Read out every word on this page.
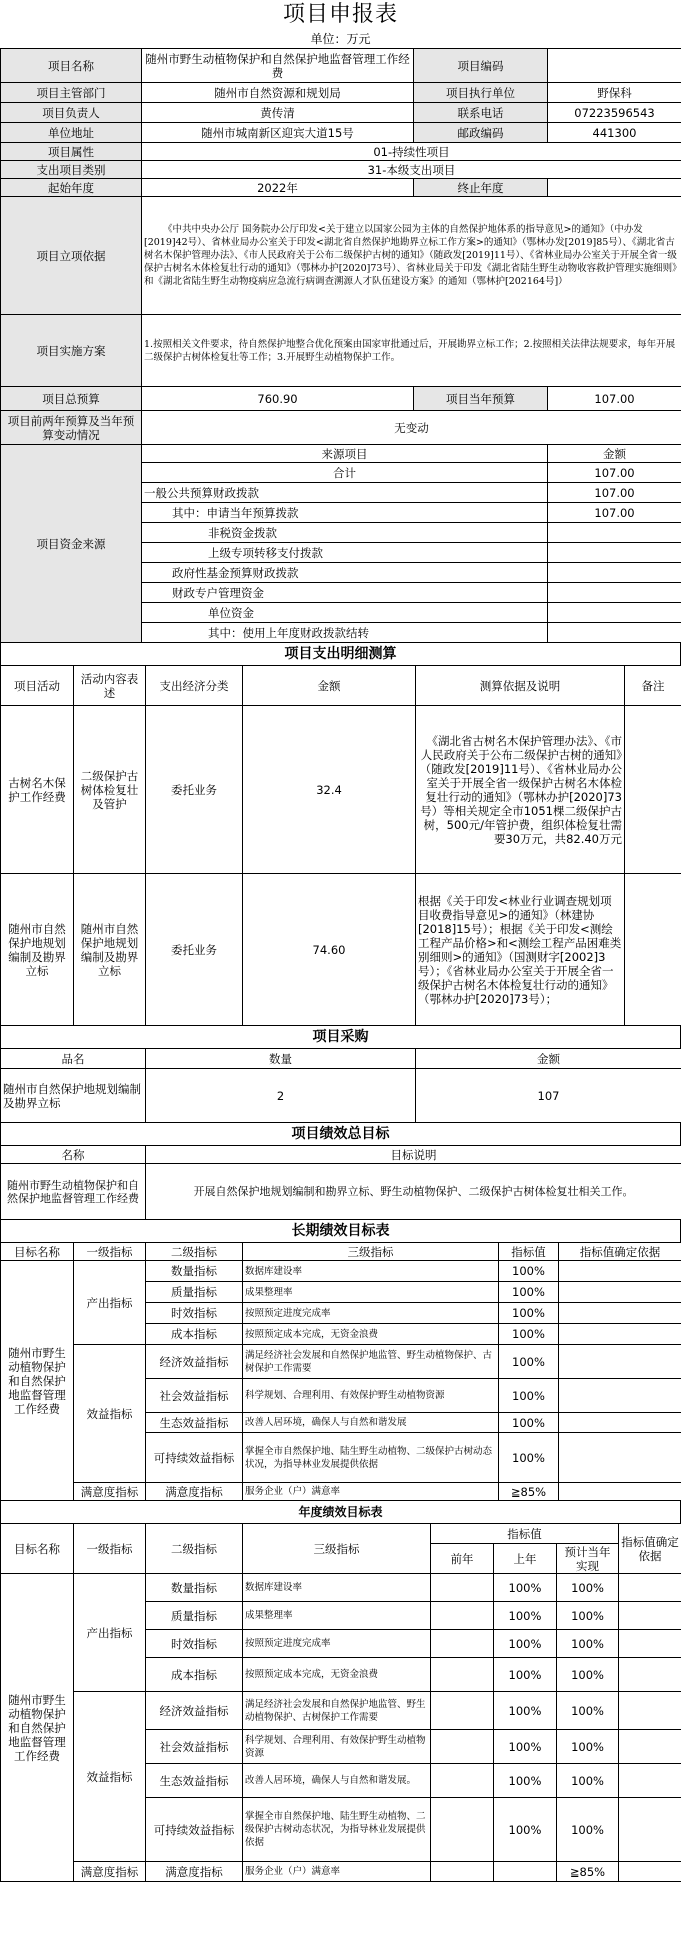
项目申报表
单位：万元
项目名称	随州市野生动植物保护和自然保护地监督管理工作经费	项目编码	
项目主管部门	随州市自然资源和规划局	项目执行单位	野保科
项目负责人	黄传清	联系电话	07223596543
单位地址	随州市城南新区迎宾大道15号	邮政编码	441300
项目属性	01-持续性项目		
支出项目类别	31-本级支出项目		
起始年度	2022年	终止年度	
项目立项依据	《中共中央办公厅 国务院办公厅印发<关于建立以国家公园为主体的自然保护地体系的指导意见>的通知》（中办发[2019]42号）、省林业局办公室关于印发<湖北省自然保护地勘界立标工作方案>的通知》（鄂林办发[2019]85号）、《湖北省古树名木保护管理办法》、《市人民政府关于公布二级保护古树的通知》（随政发[2019]11号）、《省林业局办公室关于开展全省一级保护古树名木体检复壮行动的通知》（鄂林办护[2020]73号）、省林业局关于印发《湖北省陆生野生动物收容救护管理实施细则》和《湖北省陆生野生动物疫病应急流行病调查溯源人才队伍建设方案》的通知（鄂林护[202164号]）		
项目实施方案	1.按照相关文件要求，待自然保护地整合优化预案由国家审批通过后，开展勘界立标工作；2.按照相关法律法规要求，每年开展二级保护古树体检复壮等工作；3.开展野生动植物保护工作。		
项目总预算	760.90	项目当年预算	107.00
项目前两年预算及当年预算变动情况	无变动		
项目资金来源	来源项目	金额
	合计	107.00
	一般公共预算财政拨款	107.00
	其中：申请当年预算拨款	107.00
	非税资金拨款	
	上级专项转移支付拨款	
	政府性基金预算财政拨款	
	财政专户管理资金	
	单位资金	
	其中：使用上年度财政拨款结转	
项目支出明细测算
项目活动	活动内容表述	支出经济分类	金额	测算依据及说明	备注
古树名木保护工作经费	二级保护古树体检复壮及管护	委托业务	32.4	《湖北省古树名木保护管理办法》、《市人民政府关于公布二级保护古树的通知》（随政发[2019]11号）、《省林业局办公室关于开展全省一级保护古树名木体检复壮行动的通知》（鄂林办护[2020]73号）等相关规定全市1051棵二级保护古树，500元/年管护费，组织体检复壮需要30万元，共82.40万元	
随州市自然保护地规划编制及勘界立标	随州市自然保护地规划编制及勘界立标	委托业务	74.60	根据《关于印发<林业行业调查规划项目收费指导意见>的通知》（林建协[2018]15号）；根据《关于印发<测绘工程产品价格>和<测绘工程产品困难类别细则>的通知》（国测财字[2002]3号）；《省林业局办公室关于开展全省一级保护古树名木体检复壮行动的通知》（鄂林办护[2020]73号）；	
项目采购
品名	数量	金额
随州市自然保护地规划编制及勘界立标	2	107
项目绩效总目标
名称	目标说明
随州市野生动植物保护和自然保护地监督管理工作经费	开展自然保护地规划编制和勘界立标、野生动植物保护、二级保护古树体检复壮相关工作。
长期绩效目标表
目标名称	一级指标	二级指标	三级指标	指标值	指标值确定依据
随州市野生动植物保护和自然保护地监督管理工作经费	产出指标	数量指标	数据库建设率	100%	
		质量指标	成果整理率	100%	
		时效指标	按照预定进度完成率	100%	
		成本指标	按照预定成本完成，无资金浪费	100%	
	效益指标	经济效益指标	满足经济社会发展和自然保护地监管、野生动植物保护、古树保护工作需要	100%	
		社会效益指标	科学规划、合理利用、有效保护野生动植物资源	100%	
		生态效益指标	改善人居环境，确保人与自然和谐发展	100%	
		可持续效益指标	掌握全市自然保护地、陆生野生动植物、二级保护古树动态状况，为指导林业发展提供依据	100%	
	满意度指标	满意度指标	服务企业（户）满意率	≧85%	
年度绩效目标表
目标名称	一级指标	二级指标	三级指标	指标值			指标值确定依据
				前年	上年	预计当年实现	
随州市野生动植物保护和自然保护地监督管理工作经费	产出指标	数量指标	数据库建设率		100%	100%	
		质量指标	成果整理率		100%	100%	
		时效指标	按照预定进度完成率		100%	100%	
		成本指标	按照预定成本完成，无资金浪费		100%	100%	
	效益指标	经济效益指标	满足经济社会发展和自然保护地监管、野生动植物保护、古树保护工作需要		100%	100%	
		社会效益指标	科学规划、合理利用、有效保护野生动植物资源		100%	100%	
		生态效益指标	改善人居环境，确保人与自然和谐发展。		100%	100%	
		可持续效益指标	掌握全市自然保护地、陆生野生动植物、二级保护古树动态状况，为指导林业发展提供依据		100%	100%	
	满意度指标	满意度指标	服务企业（户）满意率			≧85%	
